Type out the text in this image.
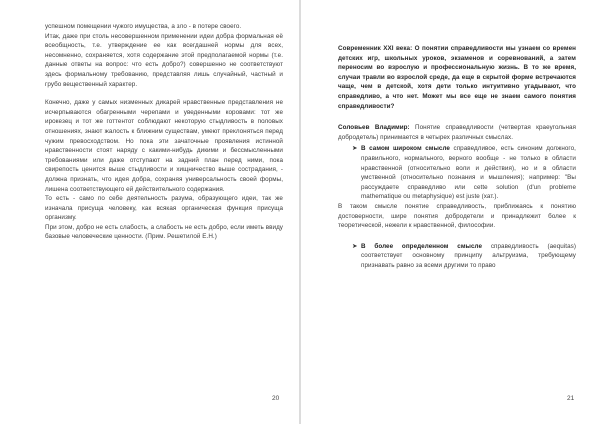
успешном помещении чужого имущества, а зло - в потере своего.

Итак, даже при столь несовершенном применении идеи добра формальная её всеобщность, т.е. утверждение ее как всегдашней нормы для всех, несомненно, сохраняется, хотя содержание этой предполагаемой нормы (т.е. данные ответы на вопрос: что есть добро?) совершенно не соответствуют здесь формальному требованию, представляя лишь случайный, частный и грубо вещественный характер.

Конечно, даже у самых низменных дикарей нравственные представления не исчерпываются обагренными черепами и уведенными коровами: тот же ирокезец и тот же готтентот соблюдают некоторую стыдливость в половых отношениях, знают жалость к ближним существам, умеют преклоняться перед чужим превосходством. Но пока эти зачаточные проявления истинной нравственности стоят наряду с какими-нибудь дикими и бессмысленными требованиями или даже отступают на задний план перед ними, пока свирепость ценится выше стыдливости и хищничество выше сострадания, - должна признать, что идея добра, сохраняя универсальность своей формы, лишена соответствующего ей действительного содержания.

То есть - само по себе деятельность разума, образующего идеи, так же изначала присуща человеку, как всякая органическая функция присуща организму.

При этом, добро не есть слабость, а слабость не есть добро, если иметь ввиду базовые человеческие ценности. (Прим. Решетилой Е.Н.)

20

Современник XXI века: О понятии справедливости мы узнаем со времен детских игр, школьных уроков, экзаменов и соревнований, а затем переносим во взрослую и профессиональную жизнь. В то же время, случаи травли во взрослой среде, да еще в скрытой форме встречаются чаще, чем в детской, хотя дети только интуитивно угадывают, что справедливо, а что нет. Может мы все еще не знаем самого понятия справедливости?

Соловьев Владимир: Понятие справедливости (четвертая краеугольная добродетель) принимается в четырех различных смыслах.

➤ В самом широком смысле справедливое, есть синоним должного, правильного, нормального, верного вообще - не только в области нравственной (относительно воли и действия), но и в области умственной (относительно познания и мышления); например: "Вы рассуждаете справедливо или cette solution (d'un probleme mathematique ou metaphysique) est juste (хат.).

В таком смысле понятие справедливость, приближаясь к понятию достоверности, шире понятия добродетели и принадлежит более к теоретической, нежели к нравственной, философии.

➤ В более определенном смысле справедливость (aequitas) соответствует основному принципу альтруизма, требующему признавать равно за всеми другими то право

21
